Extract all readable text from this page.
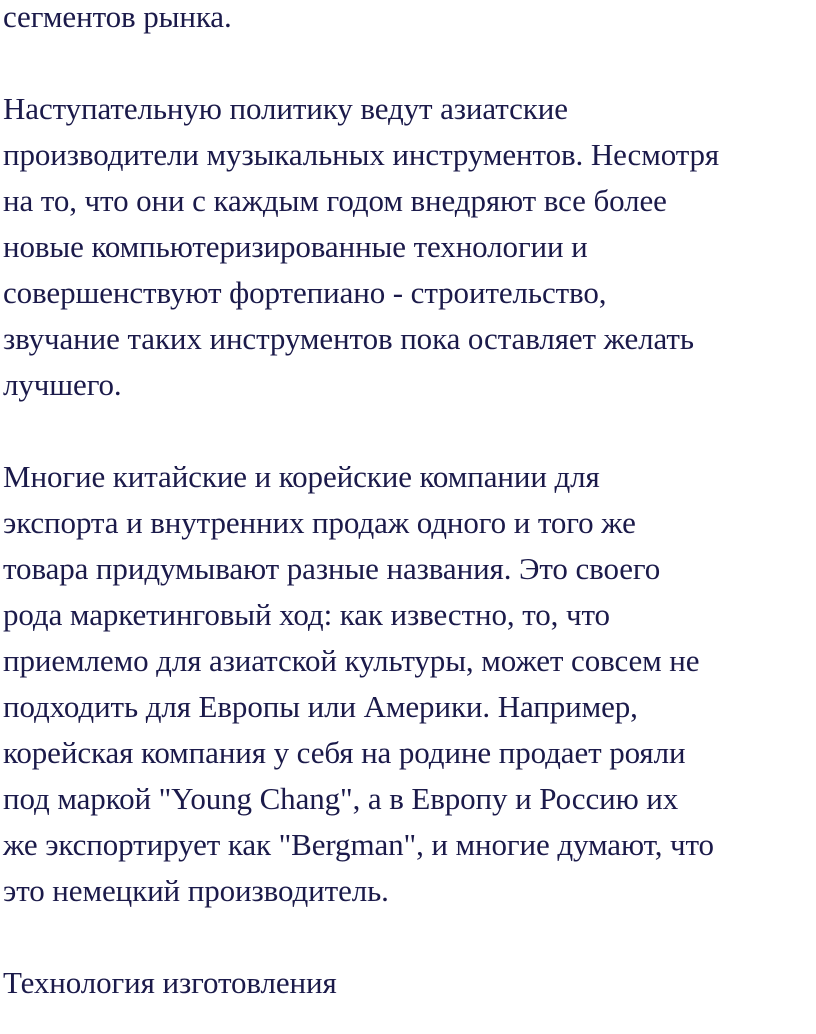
сегментов рынка.
Наступательную политику ведут азиатские
производители музыкальных инструментов. Несмотря
на то, что они с каждым годом внедряют все более
новые компьютеризированные технологии и
совершенствуют фортепиано - строительство,
звучание таких инструментов пока оставляет желать
лучшего.
Многие китайские и корейские компании для
экспорта и внутренних продаж одного и того же
товара придумывают разные названия. Это своего
рода маркетинговый ход: как известно, то, что
приемлемо для азиатской культуры, может совсем не
подходить для Европы или Америки. Например,
корейская компания у себя на родине продает рояли
под маркой "Young Chang", а в Европу и Россию их
же экспортирует как "Bergman", и многие думают, что
это немецкий производитель.
Технология изготовления
